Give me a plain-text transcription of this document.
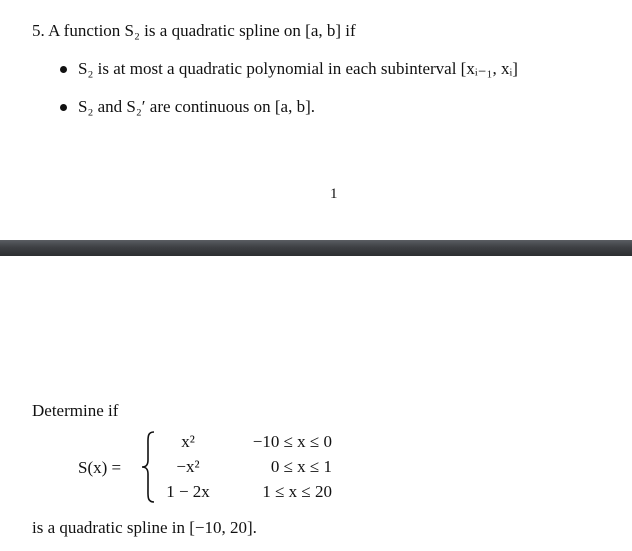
5. A function S₂ is a quadratic spline on [a, b] if
S₂ is at most a quadratic polynomial in each subinterval [xᵢ₋₁, xᵢ]
S₂ and S₂′ are continuous on [a, b].
1
Determine if
S(x) =
x²	−10 ≤ x ≤ 0
−x²	0 ≤ x ≤ 1
1 − 2x	1 ≤ x ≤ 20
is a quadratic spline in [−10, 20].
